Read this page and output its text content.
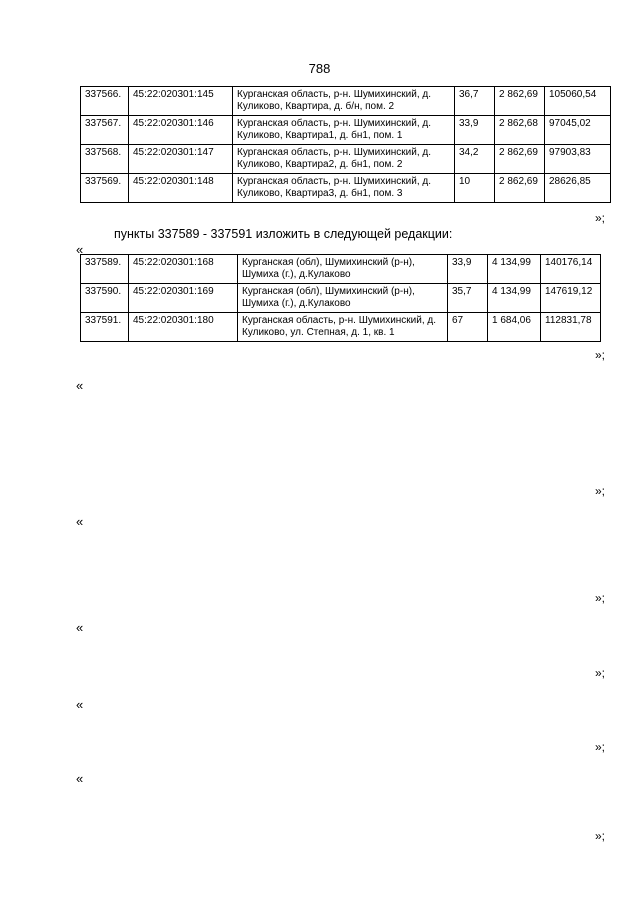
788
337566.	45:22:020301:145	Курганская область, р-н. Шумихинский, д. Куликово, Квартира, д. б/н, пом. 2	36,7	2 862,69	105060,54
337567.	45:22:020301:146	Курганская область, р-н. Шумихинский, д. Куликово, Квартира1, д. бн1, пом. 1	33,9	2 862,68	97045,02
337568.	45:22:020301:147	Курганская область, р-н. Шумихинский, д. Куликово, Квартира2, д. бн1, пом. 2	34,2	2 862,69	97903,83
337569.	45:22:020301:148	Курганская область, р-н. Шумихинский, д. Куликово, Квартира3, д. бн1, пом. 3	10	2 862,69	28626,85
»;
пункты 337589 - 337591 изложить в следующей редакции:
«
337589.	45:22:020301:168	Курганская (обл), Шумихинский (р-н), Шумиха (г.), д.Кулаково	33,9	4 134,99	140176,14
337590.	45:22:020301:169	Курганская (обл), Шумихинский (р-н), Шумиха (г.), д.Кулаково	35,7	4 134,99	147619,12
337591.	45:22:020301:180	Курганская область, р-н. Шумихинский, д. Куликово, ул. Степная, д. 1, кв. 1	67	1 684,06	112831,78
»;
«
»;
«
»;
«
»;
«
»;
«
»;
